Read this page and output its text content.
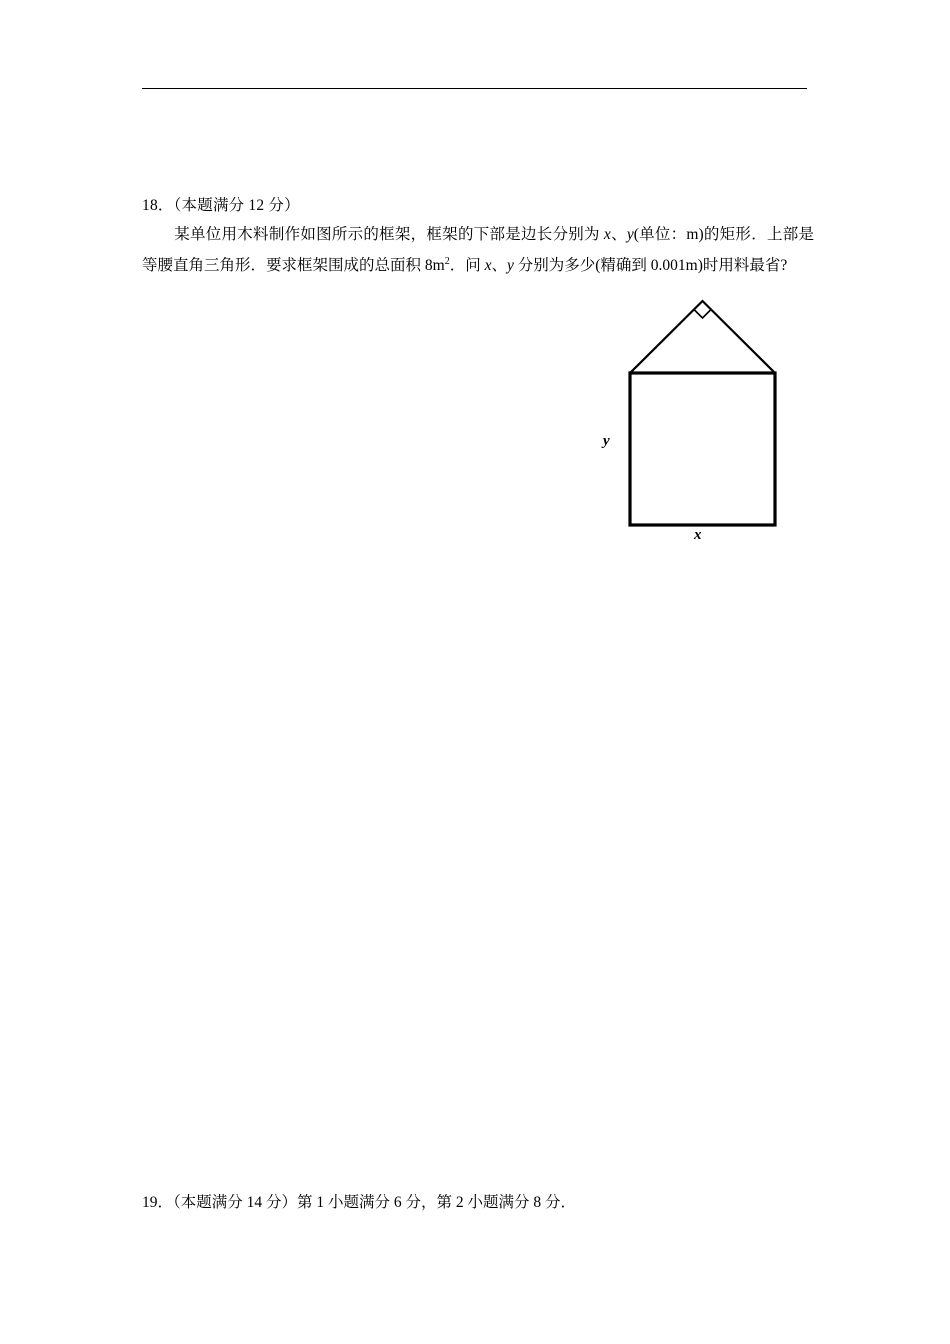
18．（本题满分 12 分）
某单位用木料制作如图所示的框架，框架的下部是边长分别为 x、y(单位：m)的矩形．上部是等腰直角三角形．要求框架围成的总面积 $8m^2$．问 x、y 分别为多少(精确到 0.001m)时用料最省?
y
x
19．（本题满分 14 分）第 1 小题满分 6 分，第 2 小题满分 8 分．
